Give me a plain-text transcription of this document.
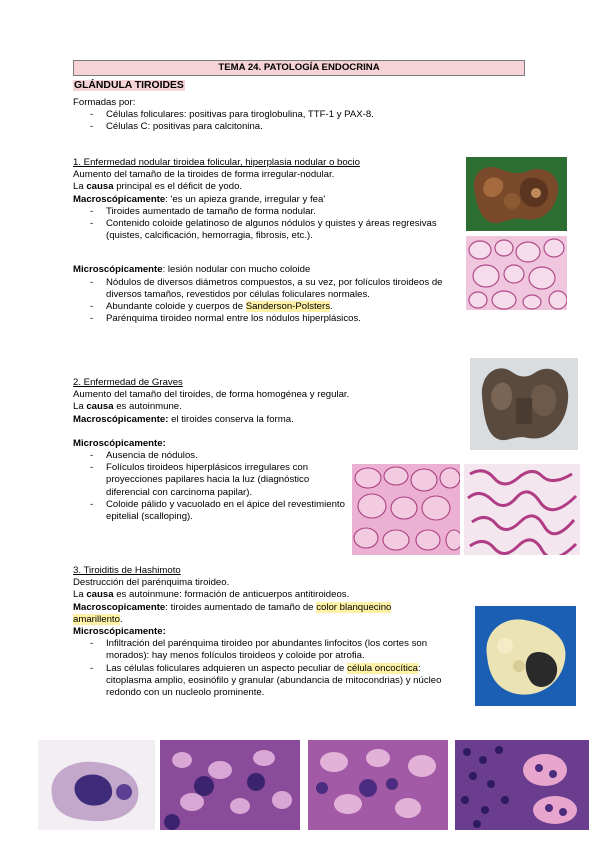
TEMA 24. PATOLOGÍA ENDOCRINA
GLÁNDULA TIROIDES

Formadas por:

- Células foliculares: positivas para tiroglobulina, TTF-1 y PAX-8.
- Células C: positivas para calcitonina.

1. Enfermedad nodular tiroidea folicular, hiperplasia nodular o bocio

Aumento del tamaño de la tiroides de forma irregular-nodular.

La causa principal es el déficit de yodo.

Macroscópicamente: 'es un apieza grande, irregular y fea'

- Tiroides aumentado de tamaño de forma nodular.
- Contenido coloide gelatinoso de algunos nódulos y quistes y áreas regresivas (quistes, calcificación, hemorragia, fibrosis, etc.).

Microscópicamente: lesión nodular con mucho coloide

- Nódulos de diversos diámetros compuestos, a su vez, por folículos tiroideos de diversos tamaños, revestidos por células foliculares normales.
- Abundante coloide y cuerpos de Sanderson-Polsters.
- Parénquima tiroideo normal entre los nódulos hiperplásicos.

2. Enfermedad de Graves

Aumento del tamaño del tiroides, de forma homogénea y regular.

La causa es autoinmune.

Macroscópicamente: el tiroides conserva la forma.

Microscópicamente:

- Ausencia de nódulos.
- Folículos tiroideos hiperplásicos irregulares con proyecciones papilares hacia la luz (diagnóstico diferencial con carcinoma papilar).
- Coloide pálido y vacuolado en el ápice del revestimiento epitelial (scalloping).

3. Tiroiditis de Hashimoto

Destrucción del parénquima tiroideo.

La causa es autoinmune: formación de anticuerpos antitiroideos.

Macroscopicamente: tiroides aumentado de tamaño de color blanquecino amarillento.

Microscópicamente:

- Infiltración del parénquima tiroideo por abundantes linfocitos (los cortes son morados): hay menos folículos tiroideos y coloide por atrofia.
- Las células foliculares adquieren un aspecto peculiar de célula oncocítica: citoplasma amplio, eosinófilo y granular (abundancia de mitocondrias) y núcleo redondo con un nucleolo prominente.
